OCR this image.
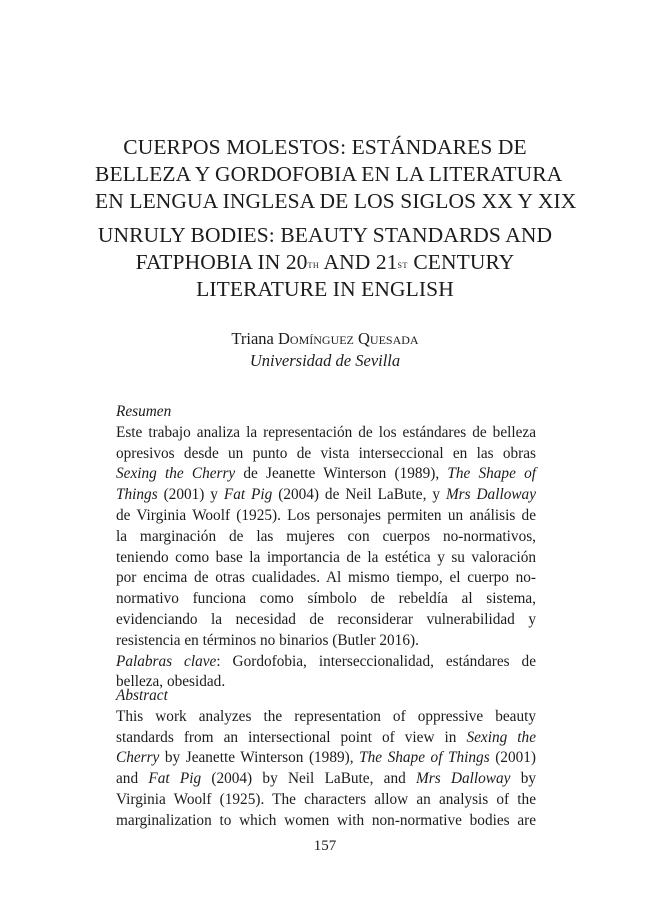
CUERPOS MOLESTOS: ESTÁNDARES DE
BELLEZA Y GORDOFOBIA EN LA LITERATURA
EN LENGUA INGLESA DE LOS SIGLOS XX Y XIX
UNRULY BODIES: BEAUTY STANDARDS AND
FATPHOBIA IN 20TH AND 21ST CENTURY
LITERATURE IN ENGLISH
Triana Domínguez Quesada
Universidad de Sevilla
Resumen
Este trabajo analiza la representación de los estándares de belleza
opresivos desde un punto de vista interseccional en las obras
Sexing the Cherry de Jeanette Winterson (1989), The Shape of
Things (2001) y Fat Pig (2004) de Neil LaBute, y Mrs Dalloway
de Virginia Woolf (1925). Los personajes permiten un análisis de
la marginación de las mujeres con cuerpos no-normativos,
teniendo como base la importancia de la estética y su valoración
por encima de otras cualidades. Al mismo tiempo, el cuerpo no-
normativo funciona como símbolo de rebeldía al sistema,
evidenciando la necesidad de reconsiderar vulnerabilidad y
resistencia en términos no binarios (Butler 2016).
Palabras clave: Gordofobia, interseccionalidad, estándares de
belleza, obesidad.
Abstract
This work analyzes the representation of oppressive beauty
standards from an intersectional point of view in Sexing the
Cherry by Jeanette Winterson (1989), The Shape of Things (2001)
and Fat Pig (2004) by Neil LaBute, and Mrs Dalloway by
Virginia Woolf (1925). The characters allow an analysis of the
marginalization to which women with non-normative bodies are
157
